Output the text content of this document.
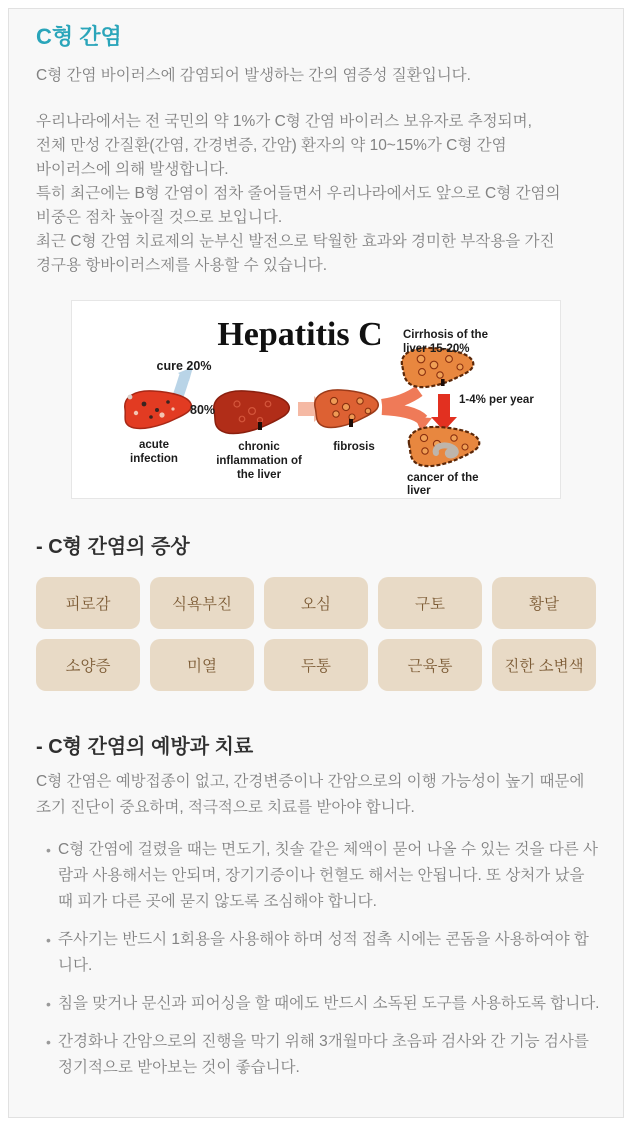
C형 간염

C형 간염 바이러스에 감염되어 발생하는 간의 염증성 질환입니다.

우리나라에서는 전 국민의 약 1%가 C형 간염 바이러스 보유자로 추정되며,
전체 만성 간질환(간염, 간경변증, 간암) 환자의 약 10~15%가 C형 간염
바이러스에 의해 발생합니다.
특히 최근에는 B형 간염이 점차 줄어들면서 우리나라에서도 앞으로 C형 간염의
비중은 점차 높아질 것으로 보입니다.
최근 C형 간염 치료제의 눈부신 발전으로 탁월한 효과와 경미한 부작용을 가진
경구용 항바이러스제를 사용할 수 있습니다.
Hepatitis C
cure 20%
80%
Cirrhosis of the
liver 15-20%
1-4% per year
acute
infection
chronic
inflammation of
the liver
fibrosis
cancer of the
liver
- C형 간염의 증상
피로감	식욕부진	오심	구토	황달
소양증	미열	두통	근육통	진한 소변색
- C형 간염의 예방과 치료

C형 간염은 예방접종이 없고, 간경변증이나 간암으로의 이행 가능성이 높기 때문에 조기 진단이 중요하며, 적극적으로 치료를 받아야 합니다.

• C형 간염에 걸렸을 때는 면도기, 칫솔 같은 체액이 묻어 나올 수 있는 것을 다른 사람과 사용해서는 안되며, 장기기증이나 헌혈도 해서는 안됩니다. 또 상처가 났을 때 피가 다른 곳에 묻지 않도록 조심해야 합니다.
• 주사기는 반드시 1회용을 사용해야 하며 성적 접촉 시에는 콘돔을 사용하여야 합니다.
• 침을 맞거나 문신과 피어싱을 할 때에도 반드시 소독된 도구를 사용하도록 합니다.
• 간경화나 간암으로의 진행을 막기 위해 3개월마다 초음파 검사와 간 기능 검사를 정기적으로 받아보는 것이 좋습니다.
